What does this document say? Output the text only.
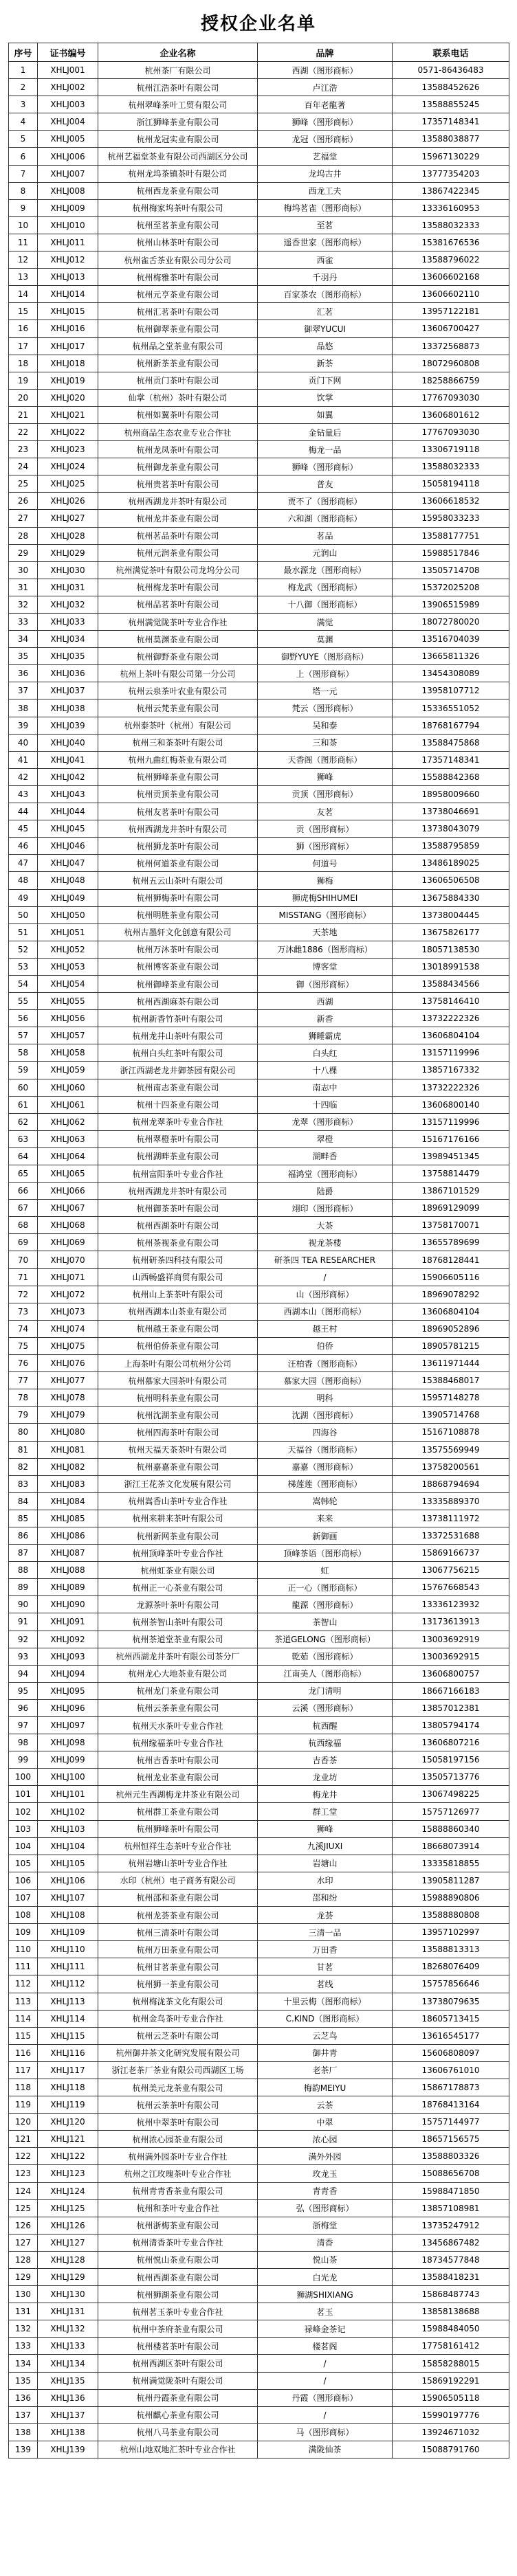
授权企业名单
序号	证书编号	企业名称	品牌	联系电话
1	XHLJ001	杭州茶厂有限公司	西湖（图形商标）	0571-86436483
2	XHLJ002	杭州江浩茶叶有限公司	卢江浩	13588452626
3	XHLJ003	杭州翠峰茶叶工贸有限公司	百年老龍著	13588855245
4	XHLJ004	浙江狮峰茶业有限公司	狮峰（图形商标）	17357148341
5	XHLJ005	杭州龙冠实业有限公司	龙冠（图形商标）	13588038877
6	XHLJ006	杭州艺福堂茶业有限公司西湖区分公司	艺福堂	15967130229
7	XHLJ007	杭州龙坞茶镇茶叶有限公司	龙坞古井	13777354203
8	XHLJ008	杭州西龙茶业有限公司	西龙工夫	13867422345
9	XHLJ009	杭州梅家坞茶叶有限公司	梅坞茗雀（图形商标）	13336160953
10	XHLJ010	杭州至茗茶业有限公司	至茗	13588032333
11	XHLJ011	杭州山林茶叶有限公司	遥香世家（图形商标）	15381676536
12	XHLJ012	杭州雀舌茶业有限公司分公司	西雀	13588796022
13	XHLJ013	杭州梅雅茶叶有限公司	千羽丹	13606602168
14	XHLJ014	杭州元亨茶业有限公司	百家茶农（图形商标）	13606602110
15	XHLJ015	杭州汇茗茶叶有限公司	汇茗	13957122181
16	XHLJ016	杭州御翠茶业有限公司	御翠YUCUI	13606700427
17	XHLJ017	杭州品之堂茶业有限公司	品悠	13372568873
18	XHLJ018	杭州新茶茶业有限公司	新茶	18072960808
19	XHLJ019	杭州贡门茶叶有限公司	贡门下网	18258866759
20	XHLJ020	仙掌（杭州）茶叶有限公司	饮掌	17767093030
21	XHLJ021	杭州如翼茶叶有限公司	如翼	13606801612
22	XHLJ022	杭州商品生态农业专业合作社	金钻量后	17767093030
23	XHLJ023	杭州龙凤茶叶有限公司	梅龙一品	13306719118
24	XHLJ024	杭州御龙茶业有限公司	狮峰（图形商标）	13588032333
25	XHLJ025	杭州贵茗茶叶有限公司	普友	15058194118
26	XHLJ026	杭州西湖龙井茶叶有限公司	贾不了（图形商标）	13606618532
27	XHLJ027	杭州龙井茶业有限公司	六和湖（图形商标）	15958033233
28	XHLJ028	杭州茗品茶叶有限公司	茗品	13588177751
29	XHLJ029	杭州元润茶业有限公司	元润山	15988517846
30	XHLJ030	杭州满觉茶叶有限公司龙坞分公司	最水源龙（图形商标）	13505714708
31	XHLJ031	杭州梅龙茶叶有限公司	梅龙武（图形商标）	15372025208
32	XHLJ032	杭州品茗茶叶有限公司	十八御（图形商标）	13906515989
33	XHLJ033	杭州满觉陇茶叶专业合作社	满觉	18072780020
34	XHLJ034	杭州莫渊茶业有限公司	莫渊	13516704039
35	XHLJ035	杭州御野茶业有限公司	御野YUYE（图形商标）	13665811326
36	XHLJ036	杭州上茶叶有限公司第一分公司	上（图形商标）	13454308089
37	XHLJ037	杭州云泉茶叶农业有限公司	塔一元	13958107712
38	XHLJ038	杭州云梵茶业有限公司	梵云（图形商标）	15336551052
39	XHLJ039	杭州泰茶叶（杭州）有限公司	吴和泰	18768167794
40	XHLJ040	杭州三和茶茶叶有限公司	三和茶	13588475868
41	XHLJ041	杭州九曲红梅茶业有限公司	天香阁（图形商标）	17357148341
42	XHLJ042	杭州狮峰茶业有限公司	狮峰	15588842368
43	XHLJ043	杭州贡顶茶业有限公司	贡顶（图形商标）	18958009660
44	XHLJ044	杭州友茗茶叶有限公司	友茗	13738046691
45	XHLJ045	杭州西湖龙井茶叶有限公司	贡（图形商标）	13738043079
46	XHLJ046	杭州狮龙茶叶有限公司	狮（图形商标）	13588795859
47	XHLJ047	杭州何道茶业有限公司	何道号	13486189025
48	XHLJ048	杭州五云山茶叶有限公司	狮梅	13606506508
49	XHLJ049	杭州狮梅茶叶有限公司	狮虎梅SHIHUMEI	13675884330
50	XHLJ050	杭州明胜茶业有限公司	MISSTANG（图形商标）	13738004445
51	XHLJ051	杭州古墨轩文化创意有限公司	天茶地	13675826177
52	XHLJ052	杭州万沐茶叶有限公司	万沐雌1886（图形商标）	18057138530
53	XHLJ053	杭州博客茶业有限公司	博客堂	13018991538
54	XHLJ054	杭州御峰茶业有限公司	御（图形商标）	13588434566
55	XHLJ055	杭州西湖麻茶有限公司	西湖	13758146410
56	XHLJ056	杭州新香竹茶叶有限公司	新香	13732222326
57	XHLJ057	杭州龙井山茶叶有限公司	狮睡霸虎	13606804104
58	XHLJ058	杭州白头红茶叶有限公司	白头红	13157119996
59	XHLJ059	浙江西湖老龙井御茶园有限公司	十八棵	13857167332
60	XHLJ060	杭州南志茶业有限公司	南志中	13732222326
61	XHLJ061	杭州十四茶业有限公司	十四临	13606800140
62	XHLJ062	杭州龙翠茶叶专业合作社	龙翠（图形商标）	13157119996
63	XHLJ063	杭州翠橙茶叶有限公司	翠橙	15167176166
64	XHLJ064	杭州湖畔茶业有限公司	湖畔香	13989451345
65	XHLJ065	杭州富阳茶叶专业合作社	福鸿堂（图形商标）	13758814479
66	XHLJ066	杭州西湖龙井茶叶有限公司	陆爵	13867101529
67	XHLJ067	杭州御茶茶叶有限公司	翊印（图形商标）	18969129099
68	XHLJ068	杭州西湖茶叶有限公司	大茶	13758170071
69	XHLJ069	杭州茶视茶业有限公司	视龙茶楼	13655789699
70	XHLJ070	杭州研茶四科技有限公司	研茶四 TEA RESEARCHER	18768128441
71	XHLJ071	山西畅盛祥商贸有限公司	/	15906605116
72	XHLJ072	杭州山上茶茶叶有限公司	山（图形商标）	18969078292
73	XHLJ073	杭州西湖本山茶业有限公司	西湖本山（图形商标）	13606804104
74	XHLJ074	杭州越王茶业有限公司	越王村	18969052896
75	XHLJ075	杭州伯侨茶业有限公司	伯侨	18905781215
76	XHLJ076	上海茶叶有限公司杭州分公司	汪柏香（图形商标）	13611971444
77	XHLJ077	杭州慕家大园茶叶有限公司	慕家大园（图形商标）	15388468017
78	XHLJ078	杭州明科茶业有限公司	明科	15957148278
79	XHLJ079	杭州沈湖茶业有限公司	沈湖（图形商标）	13905714768
80	XHLJ080	杭州四海茶叶有限公司	四海谷	15167108878
81	XHLJ081	杭州天福天茶茶叶有限公司	天福谷（图形商标）	13575569949
82	XHLJ082	杭州嘉嘉茶业有限公司	嘉嘉（图形商标）	13758200561
83	XHLJ083	浙江王花茶文化发展有限公司	梯莲莲（图形商标）	18868794694
84	XHLJ084	杭州嵩香山茶叶专业合作社	嵩韩轮	13335889370
85	XHLJ085	杭州来耕来茶叶有限公司	来来	13738111972
86	XHLJ086	杭州新网茶业有限公司	新御画	13372531688
87	XHLJ087	杭州顶峰茶叶专业合作社	顶峰茶语（图形商标）	15869166737
88	XHLJ088	杭州虹茶业有限公司	虹	13067756215
89	XHLJ089	杭州正一心茶业有限公司	正一心（图形商标）	15767668543
90	XHLJ090	龙源茶叶茶叶有限公司	龍源（图形商标）	13336123932
91	XHLJ091	杭州茶智山茶叶有限公司	茶智山	13173613913
92	XHLJ092	杭州茶道堂茶业有限公司	茶道GELONG（图形商标）	13003692919
93	XHLJ093	杭州西湖龙井茶叶有限公司茶分厂	乾茹（图形商标）	13003692915
94	XHLJ094	杭州龙心大地茶业有限公司	江南美人（图形商标）	13606800757
95	XHLJ095	杭州龙门茶业有限公司	龙门清明	18667166183
96	XHLJ096	杭州云茶茶业有限公司	云溪（图形商标）	13857012381
97	XHLJ097	杭州天水茶叶专业合作社	杭西醒	13805794174
98	XHLJ098	杭州缘福茶叶专业合作社	杭西缘福	13606807216
99	XHLJ099	杭州吉香茶叶有限公司	吉香茶	15058197156
100	XHLJ100	杭州龙业茶业有限公司	龙业坊	13505713776
101	XHLJ101	杭州元生西湖梅龙井茶业有限公司	梅龙井	13067498225
102	XHLJ102	杭州群工茶业有限公司	群工堂	15757126977
103	XHLJ103	杭州狮峰茶叶有限公司	狮峰	15888860340
104	XHLJ104	杭州恒祥生态茶叶专业合作社	九溪JIUXI	18668073914
105	XHLJ105	杭州岩塘山茶叶专业合作社	岩塘山	13335818855
106	XHLJ106	水印（杭州）电子商务有限公司	水印	13905811287
107	XHLJ107	杭州邵和茶业有限公司	邵和纷	15988890806
108	XHLJ108	杭州龙荟茶业有限公司	龙荟	13588880808
109	XHLJ109	杭州三清茶叶有限公司	三清一品	13957102997
110	XHLJ110	杭州万田茶业有限公司	万田香	13588813313
111	XHLJ111	杭州甘茗茶业有限公司	甘茗	18268076409
112	XHLJ112	杭州狮一茶业有限公司	茗线	15757856646
113	XHLJ113	杭州梅泷茶文化有限公司	十里云梅（图形商标）	13738079635
114	XHLJ114	杭州金鸟茶叶专业合作社	C.KIND（图形商标）	18605713415
115	XHLJ115	杭州云芝茶叶有限公司	云芝鸟	13616545177
116	XHLJ116	杭州御井茶文化研究发展有限公司	御井青	15606808097
117	XHLJ117	浙江老茶厂茶业有限公司西湖区工场	老茶厂	13606761010
118	XHLJ118	杭州美元龙茶业有限公司	梅韵MEIYU	15867178873
119	XHLJ119	杭州云茶茶叶有限公司	云茶	18768413164
120	XHLJ120	杭州中翠茶叶有限公司	中翠	15757144977
121	XHLJ121	杭州浓心园茶业有限公司	浓心园	18657156575
122	XHLJ122	杭州满外园茶叶专业合作社	满外外园	13588803326
123	XHLJ123	杭州之江玫瑰茶叶专业合作社	玫龙玉	15088656708
124	XHLJ124	杭州青青香茶业有限公司	青青香	15988471850
125	XHLJ125	杭州和茶叶专业合作社	弘（图形商标）	13857108981
126	XHLJ126	杭州浙梅茶业有限公司	浙梅堂	13735247912
127	XHLJ127	杭州清香茶叶专业合作社	清香	13456867482
128	XHLJ128	杭州悦山茶业有限公司	悦山茶	18734577848
129	XHLJ129	杭州西湖茶业有限公司	白光龙	13588418231
130	XHLJ130	杭州狮湖茶业有限公司	狮湖SHIXIANG	15868487743
131	XHLJ131	杭州茗玉茶叶专业合作社	茗玉	13858138688
132	XHLJ132	杭州中茶府茶业有限公司	禄峰金茶记	15988484050
133	XHLJ133	杭州楼茗茶叶有限公司	楼茗阁	17758161412
134	XHLJ134	杭州西湖区茶叶有限公司	/	15858288015
135	XHLJ135	杭州满觉陇茶叶有限公司	/	15869192291
136	XHLJ136	杭州丹霞茶业有限公司	丹霞（图形商标）	15906505118
137	XHLJ137	杭州麒心茶业有限公司	/	15990197776
138	XHLJ138	杭州八马茶业有限公司	马（图形商标）	13924671032
139	XHLJ139	杭州山地双地汇茶叶专业合作社	满陇仙茶	15088791760
